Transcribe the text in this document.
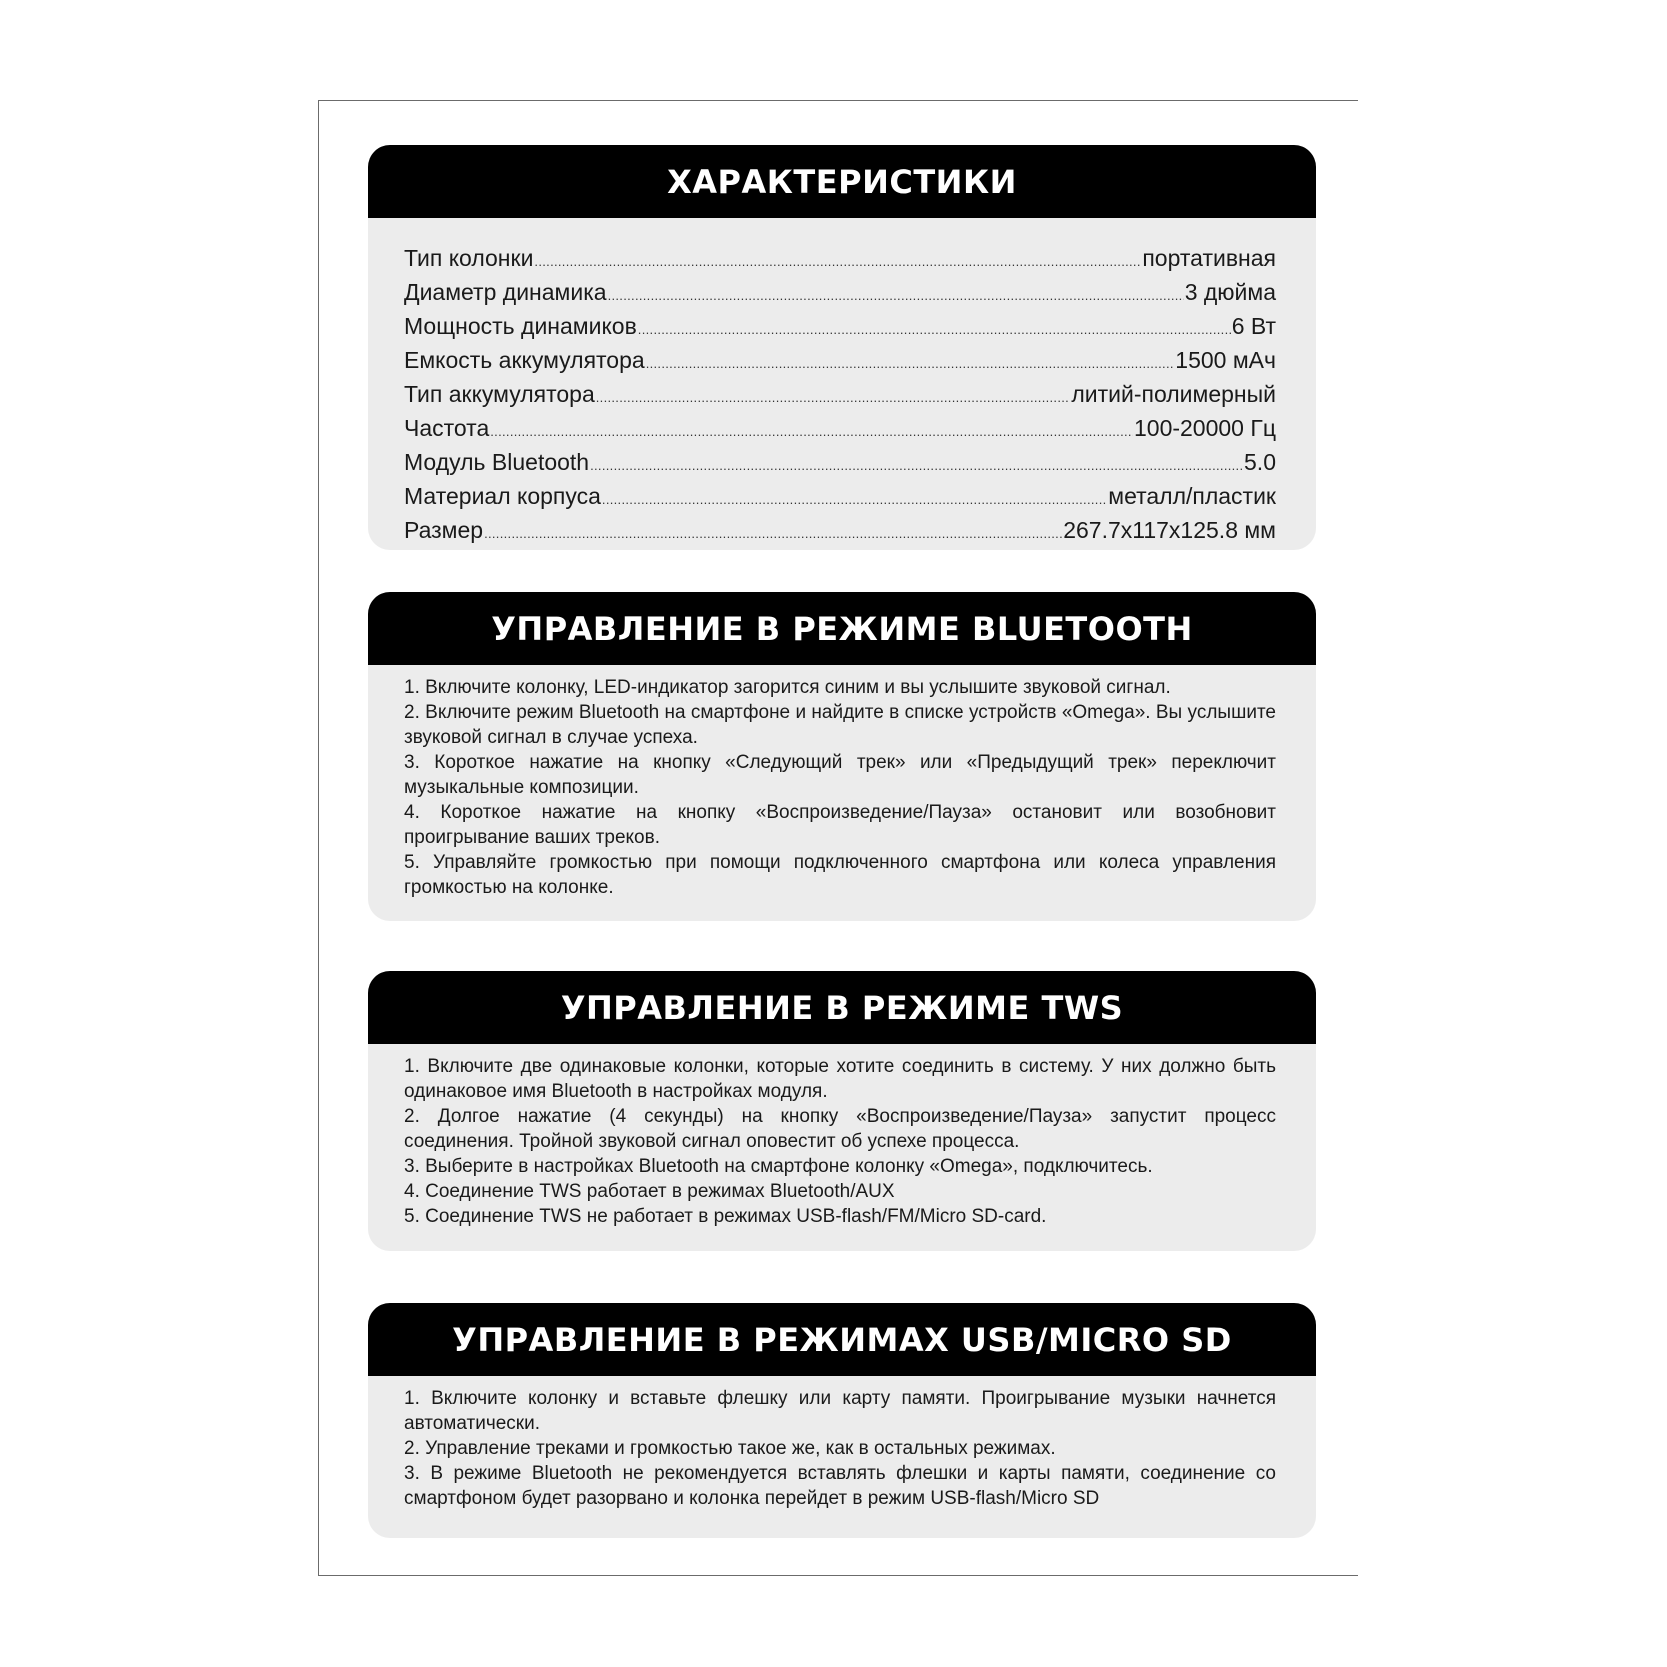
ХАРАКТЕРИСТИКИ
Тип колонки .....	портативная
Диаметр динамика .....	3 дюйма
Мощность динамиков .....	6 Вт
Емкость аккумулятора .....	1500 мАч
Тип аккумулятора .....	литий-полимерный
Частота .....	100-20000 Гц
Модуль Bluetooth .....	5.0
Материал корпуса .....	металл/пластик
Размер .....	267.7x117x125.8 мм
УПРАВЛЕНИЕ В РЕЖИМЕ BLUETOOTH

1. Включите колонку, LED-индикатор загорится синим и вы услышите звуковой сигнал.

2. Включите режим Bluetooth на смартфоне и найдите в списке устройств «Omega». Вы услышите звуковой сигнал в случае успеха.

3. Короткое нажатие на кнопку «Следующий трек» или «Предыдущий трек» переключит музыкальные композиции.

4. Короткое нажатие на кнопку «Воспроизведение/Пауза» остановит или возобновит проигрывание ваших треков.

5. Управляйте громкостью при помощи подключенного смартфона или колеса управления громкостью на колонке.

УПРАВЛЕНИЕ В РЕЖИМЕ TWS

1. Включите две одинаковые колонки, которые хотите соединить в систему. У них должно быть одинаковое имя Bluetooth в настройках модуля.

2. Долгое нажатие (4 секунды) на кнопку «Воспроизведение/Пауза» запустит процесс соединения. Тройной звуковой сигнал оповестит об успехе процесса.

3. Выберите в настройках Bluetooth на смартфоне колонку «Omega», подключитесь.

4. Соединение TWS работает в режимах Bluetooth/AUX

5. Соединение TWS не работает в режимах USB-flash/FM/Micro SD-card.

УПРАВЛЕНИЕ В РЕЖИМАХ USB/MICRO SD

1. Включите колонку и вставьте флешку или карту памяти. Проигрывание музыки начнется автоматически.

2. Управление треками и громкостью такое же, как в остальных режимах.

3. В режиме Bluetooth не рекомендуется вставлять флешки и карты памяти, соединение со смартфоном будет разорвано и колонка перейдет в режим USB-flash/Micro SD
